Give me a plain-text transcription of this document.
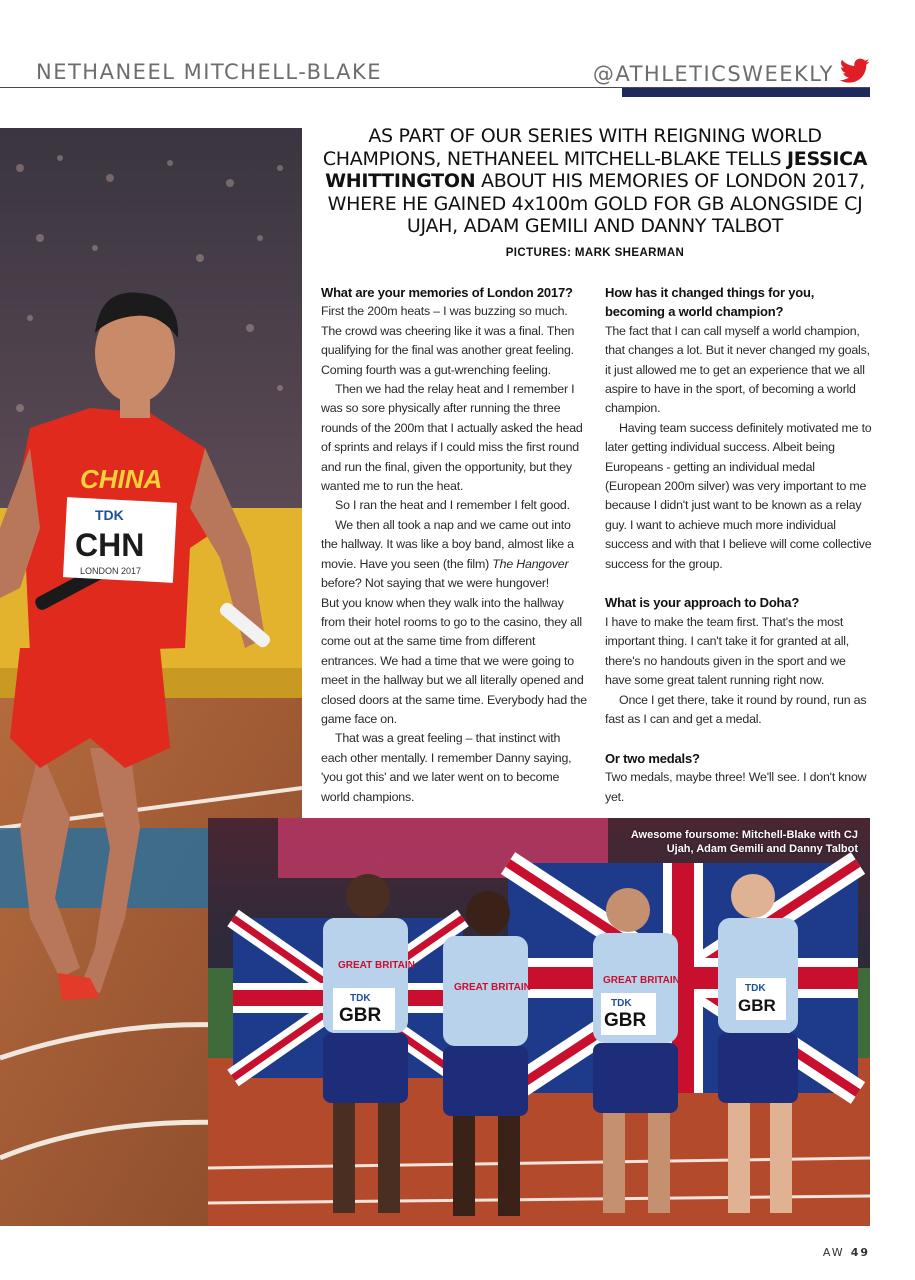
NETHANEEL MITCHELL-BLAKE	@ATHLETICSWEEKLY
CHINA
TDK
CHN
LONDON 2017
AS PART OF OUR SERIES WITH REIGNING WORLD CHAMPIONS, NETHANEEL MITCHELL-BLAKE TELLS JESSICA WHITTINGTON ABOUT HIS MEMORIES OF LONDON 2017, WHERE HE GAINED 4x100m GOLD FOR GB ALONGSIDE CJ UJAH, ADAM GEMILI AND DANNY TALBOT
PICTURES: MARK SHEARMAN
What are your memories of London 2017?
First the 200m heats – I was buzzing so much. The crowd was cheering like it was a final. Then qualifying for the final was another great feeling. Coming fourth was a gut-wrenching feeling.
Then we had the relay heat and I remember I was so sore physically after running the three rounds of the 200m that I actually asked the head of sprints and relays if I could miss the first round and run the final, given the opportunity, but they wanted me to run the heat.
So I ran the heat and I remember I felt good.
We then all took a nap and we came out into the hallway. It was like a boy band, almost like a movie. Have you seen (the film) The Hangover before? Not saying that we were hungover!
But you know when they walk into the hallway from their hotel rooms to go to the casino, they all come out at the same time from different entrances. We had a time that we were going to meet in the hallway but we all literally opened and closed doors at the same time. Everybody had the game face on.
That was a great feeling – that instinct with each other mentally. I remember Danny saying, 'you got this' and we later went on to become world champions.
How has it changed things for you, becoming a world champion?
The fact that I can call myself a world champion, that changes a lot. But it never changed my goals, it just allowed me to get an experience that we all aspire to have in the sport, of becoming a world champion.
Having team success definitely motivated me to later getting individual success. Albeit being Europeans - getting an individual medal (European 200m silver) was very important to me because I didn't just want to be known as a relay guy. I want to achieve much more individual success and with that I believe will come collective success for the group.
What is your approach to Doha?
I have to make the team first. That's the most important thing. I can't take it for granted at all, there's no handouts given in the sport and we have some great talent running right now.
Once I get there, take it round by round, run as fast as I can and get a medal.
Or two medals?
Two medals, maybe three! We'll see. I don't know yet.
GREAT BRITAIN
TDK
GBR
GREAT BRITAIN
GREAT BRITAIN
TDK
GBR
TDK
GBR
Awesome foursome: Mitchell-Blake with CJ Ujah, Adam Gemili and Danny Talbot
AW 49
